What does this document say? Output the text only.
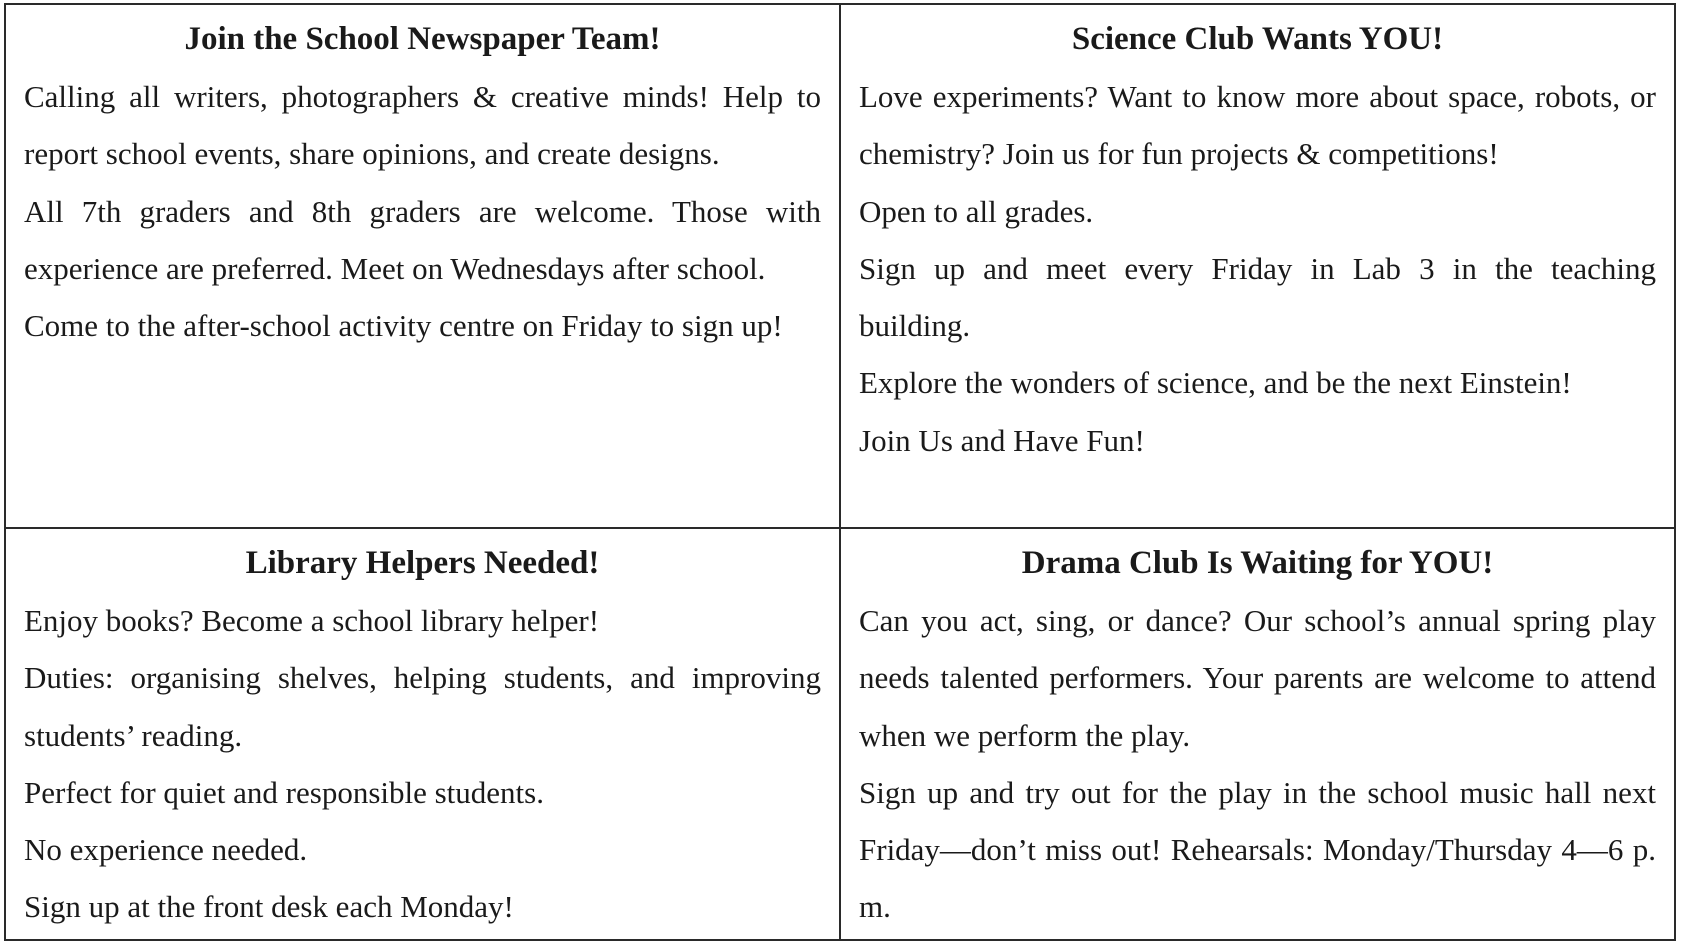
Join the School Newspaper Team!

Calling all writers, photographers & creative minds! Help to report school events, share opinions, and create designs.

All 7th graders and 8th graders are welcome. Those with experience are preferred. Meet on Wednesdays after school.

Come to the after-school activity centre on Friday to sign up!

Science Club Wants YOU!

Love experiments? Want to know more about space, robots, or chemistry? Join us for fun projects & competitions!

Open to all grades.

Sign up and meet every Friday in Lab 3 in the teaching building.

Explore the wonders of science, and be the next Einstein!

Join Us and Have Fun!

Library Helpers Needed!

Enjoy books? Become a school library helper!

Duties: organising shelves, helping students, and improving students’ reading.

Perfect for quiet and responsible students.

No experience needed.

Sign up at the front desk each Monday!

Drama Club Is Waiting for YOU!

Can you act, sing, or dance? Our school’s annual spring play needs talented performers. Your parents are welcome to attend when we perform the play.

Sign up and try out for the play in the school music hall next Friday—don’t miss out! Rehearsals: Monday/Thursday 4—6 p. m.
